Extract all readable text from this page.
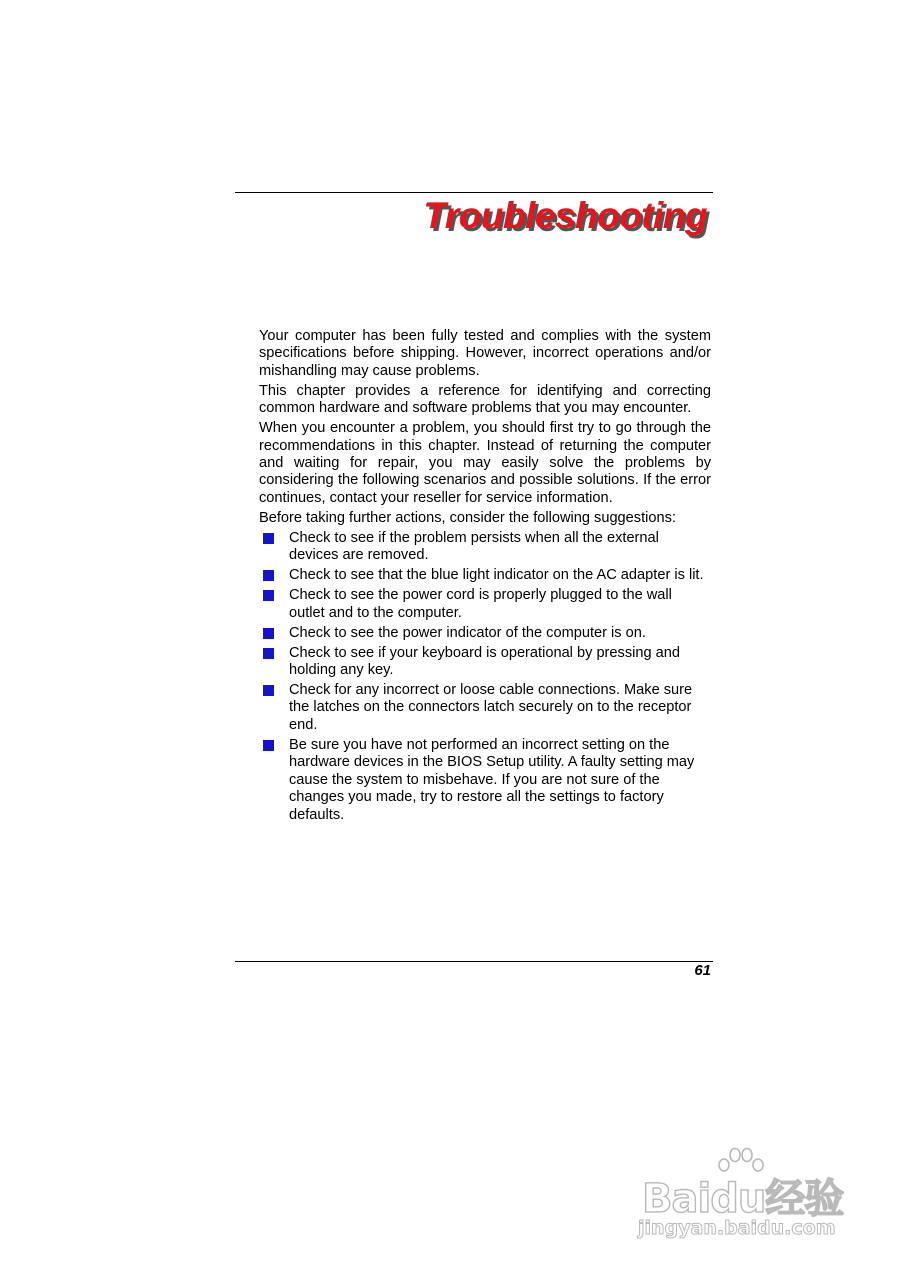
Troubleshooting

Your computer has been fully tested and complies with the system specifications before shipping. However, incorrect operations and/or mishandling may cause problems.

This chapter provides a reference for identifying and correcting common hardware and software problems that you may encounter.

When you encounter a problem, you should first try to go through the recommendations in this chapter. Instead of returning the computer and waiting for repair, you may easily solve the problems by considering the following scenarios and possible solutions. If the error continues, contact your reseller for service information.

Before taking further actions, consider the following suggestions:

Check to see if the problem persists when all the external devices are removed.
Check to see that the blue light indicator on the AC adapter is lit.
Check to see the power cord is properly plugged to the wall outlet and to the computer.
Check to see the power indicator of the computer is on.
Check to see if your keyboard is operational by pressing and holding any key.
Check for any incorrect or loose cable connections. Make sure the latches on the connectors latch securely on to the receptor end.
Be sure you have not performed an incorrect setting on the hardware devices in the BIOS Setup utility. A faulty setting may cause the system to misbehave. If you are not sure of the changes you made, try to restore all the settings to factory defaults.
61
Baidu经验
jingyan.baidu.com
